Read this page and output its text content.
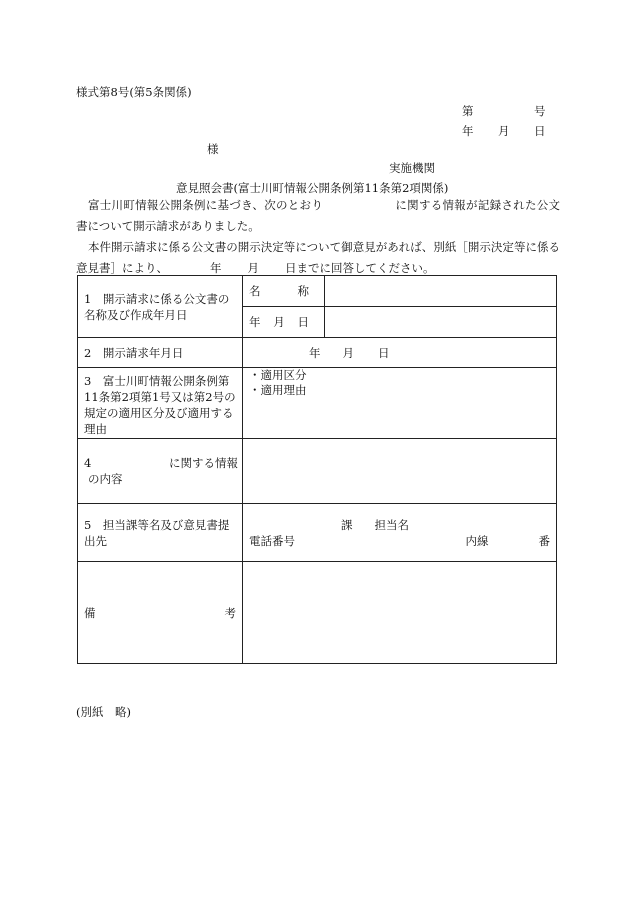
様式第8号(第5条関係)
第	号
年 月 日
様
実施機関
意見照会書(富士川町情報公開条例第11条第2項関係)
富士川町情報公開条例に基づき、次のとおり	に関する情報が記録された公文書について開示請求がありました。
本件開示請求に係る公文書の開示決定等について御意見があれば、別紙［開示決定等に係る意見書］により、	年 月 日までに回答してください。
1　開示請求に係る公文書の名称及び作成年月日	名 称	

	年 月 日	

2　開示請求年月日	年 月 日	

3　富士川町情報公開条例第11条第2項第1号又は第2号の規定の適用区分及び適用する理由	・適用区分
・適用理由	

4 に関する情報
の内容		

5　担当課等名及び意見書提出先	課 担当名
電話番号 内線 番	

備 考		

(別紙　略)
